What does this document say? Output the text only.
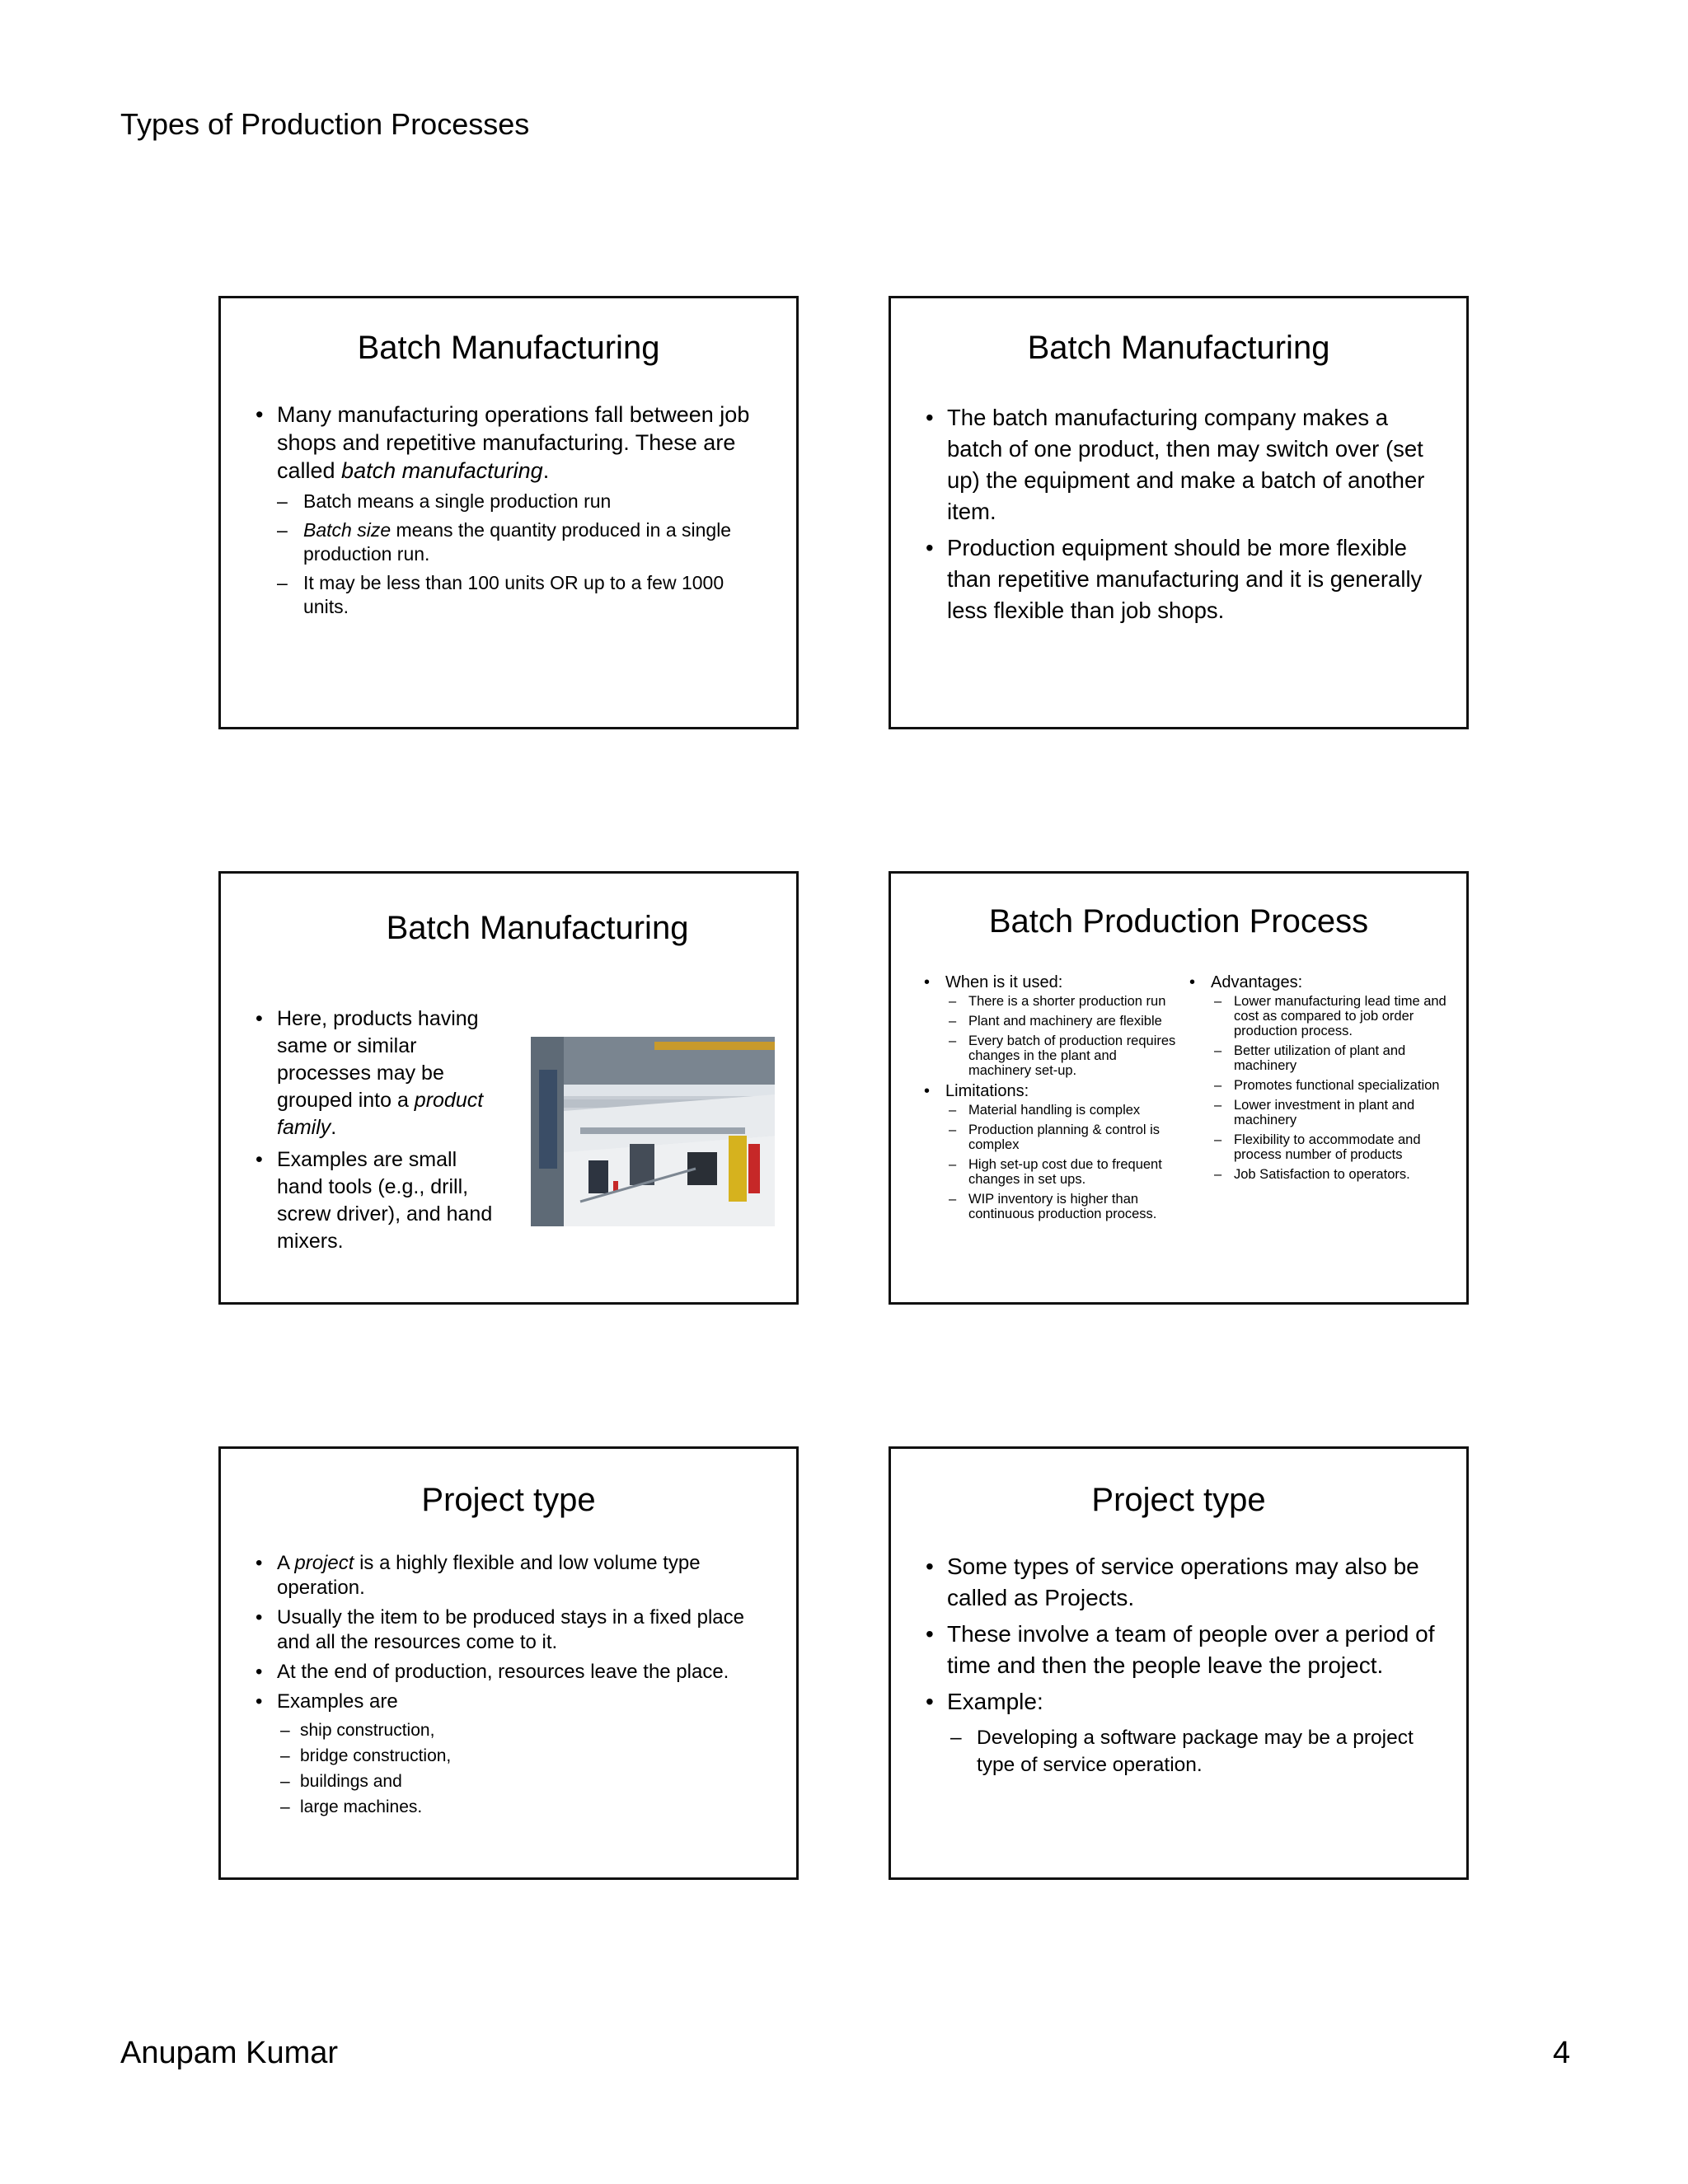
Types of Production Processes
Batch Manufacturing
• Many manufacturing operations fall between job shops and repetitive manufacturing. These are called batch manufacturing.
– Batch means a single production run
– Batch size means the quantity produced in a single production run.
– It may be less than 100 units OR up to a few 1000 units.
Batch Manufacturing
• The batch manufacturing company makes a batch of one product, then may switch over (set up) the equipment and make a batch of another item.
• Production equipment should be more flexible than repetitive manufacturing and it is generally less flexible than job shops.
Batch Manufacturing
• Here, products having same or similar processes may be grouped into a product family.
• Examples are small hand tools (e.g., drill, screw driver), and hand mixers.
Batch Production Process
• When is it used:
– There is a shorter production run
– Plant and machinery are flexible
– Every batch of production requires changes in the plant and machinery set-up.
• Limitations:
– Material handling is complex
– Production planning & control is complex
– High set-up cost due to frequent changes in set ups.
– WIP inventory is higher than continuous production process.
• Advantages:
– Lower manufacturing lead time and cost as compared to job order production process.
– Better utilization of plant and machinery
– Promotes functional specialization
– Lower investment in plant and machinery
– Flexibility to accommodate and process number of products
– Job Satisfaction to operators.
Project type
• A project is a highly flexible and low volume type operation.
• Usually the item to be produced stays in a fixed place and all the resources come to it.
• At the end of production, resources leave the place.
• Examples are
– ship construction,
– bridge construction,
– buildings and
– large machines.
Project type
• Some types of service operations may also be called as Projects.
• These involve a team of people over a period of time and then the people leave the project.
• Example:
– Developing a software package may be a project type of service operation.
Anupam Kumar	4
